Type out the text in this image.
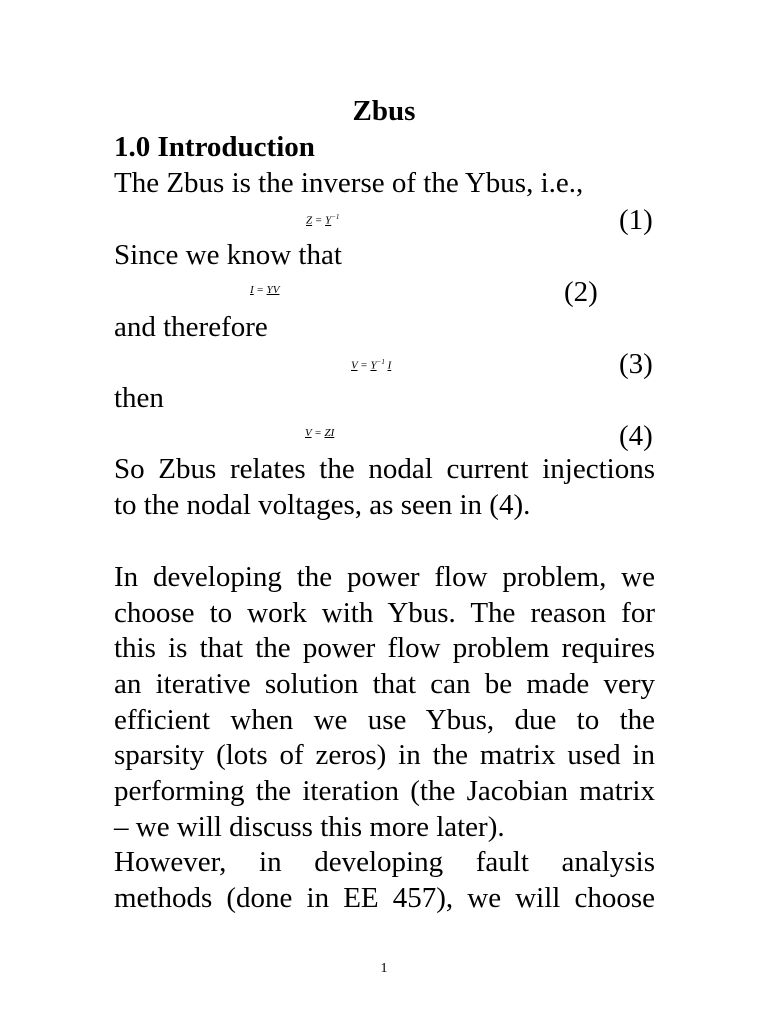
Zbus
1.0 Introduction
The Zbus is the inverse of the Ybus, i.e.,
$Z = Y^{-1}$	(1)
Since we know that
I = YV	(2)
and therefore
$V = Y^{-1}$ I	(3)
then
V = ZI	(4)
So Zbus relates the nodal current injections
to the nodal voltages, as seen in (4).
In developing the power flow problem, we
choose to work with Ybus. The reason for
this is that the power flow problem requires
an iterative solution that can be made very
efficient when we use Ybus, due to the
sparsity (lots of zeros) in the matrix used in
performing the iteration (the Jacobian matrix
– we will discuss this more later).
However, in developing fault analysis
methods (done in EE 457), we will choose
1
